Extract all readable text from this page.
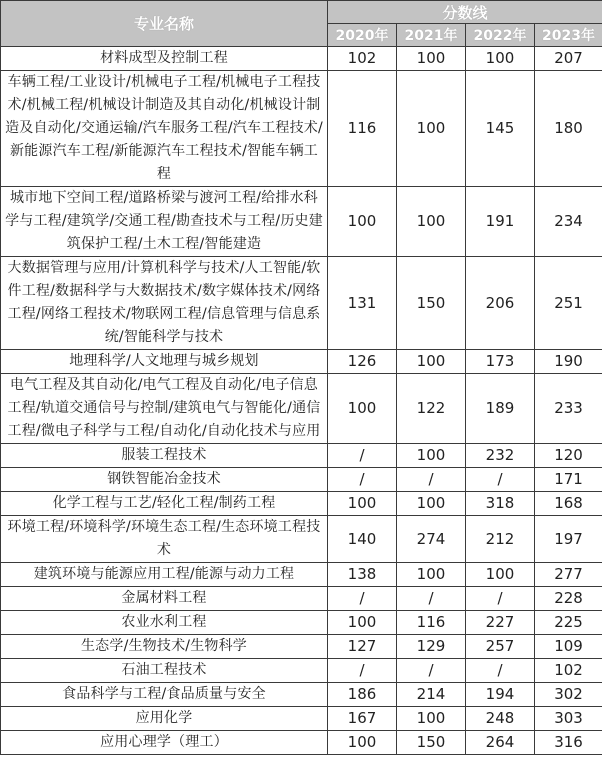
专业名称	分数线			
	2020年	2021年	2022年	2023年
材料成型及控制工程	102	100	100	207
车辆工程/工业设计/机械电子工程/机械电子工程技术/机械工程/机械设计制造及其自动化/机械设计制造及自动化/交通运输/汽车服务工程/汽车工程技术/新能源汽车工程/新能源汽车工程技术/智能车辆工程	116	100	145	180
城市地下空间工程/道路桥梁与渡河工程/给排水科学与工程/建筑学/交通工程/勘查技术与工程/历史建筑保护工程/土木工程/智能建造	100	100	191	234
大数据管理与应用/计算机科学与技术/人工智能/软件工程/数据科学与大数据技术/数字媒体技术/网络工程/网络工程技术/物联网工程/信息管理与信息系统/智能科学与技术	131	150	206	251
地理科学/人文地理与城乡规划	126	100	173	190
电气工程及其自动化/电气工程及自动化/电子信息工程/轨道交通信号与控制/建筑电气与智能化/通信工程/微电子科学与工程/自动化/自动化技术与应用	100	122	189	233
服装工程技术	/	100	232	120
钢铁智能冶金技术	/	/	/	171
化学工程与工艺/轻化工程/制药工程	100	100	318	168
环境工程/环境科学/环境生态工程/生态环境工程技术	140	274	212	197
建筑环境与能源应用工程/能源与动力工程	138	100	100	277
金属材料工程	/	/	/	228
农业水利工程	100	116	227	225
生态学/生物技术/生物科学	127	129	257	109
石油工程技术	/	/	/	102
食品科学与工程/食品质量与安全	186	214	194	302
应用化学	167	100	248	303
应用心理学（理工）	100	150	264	316
